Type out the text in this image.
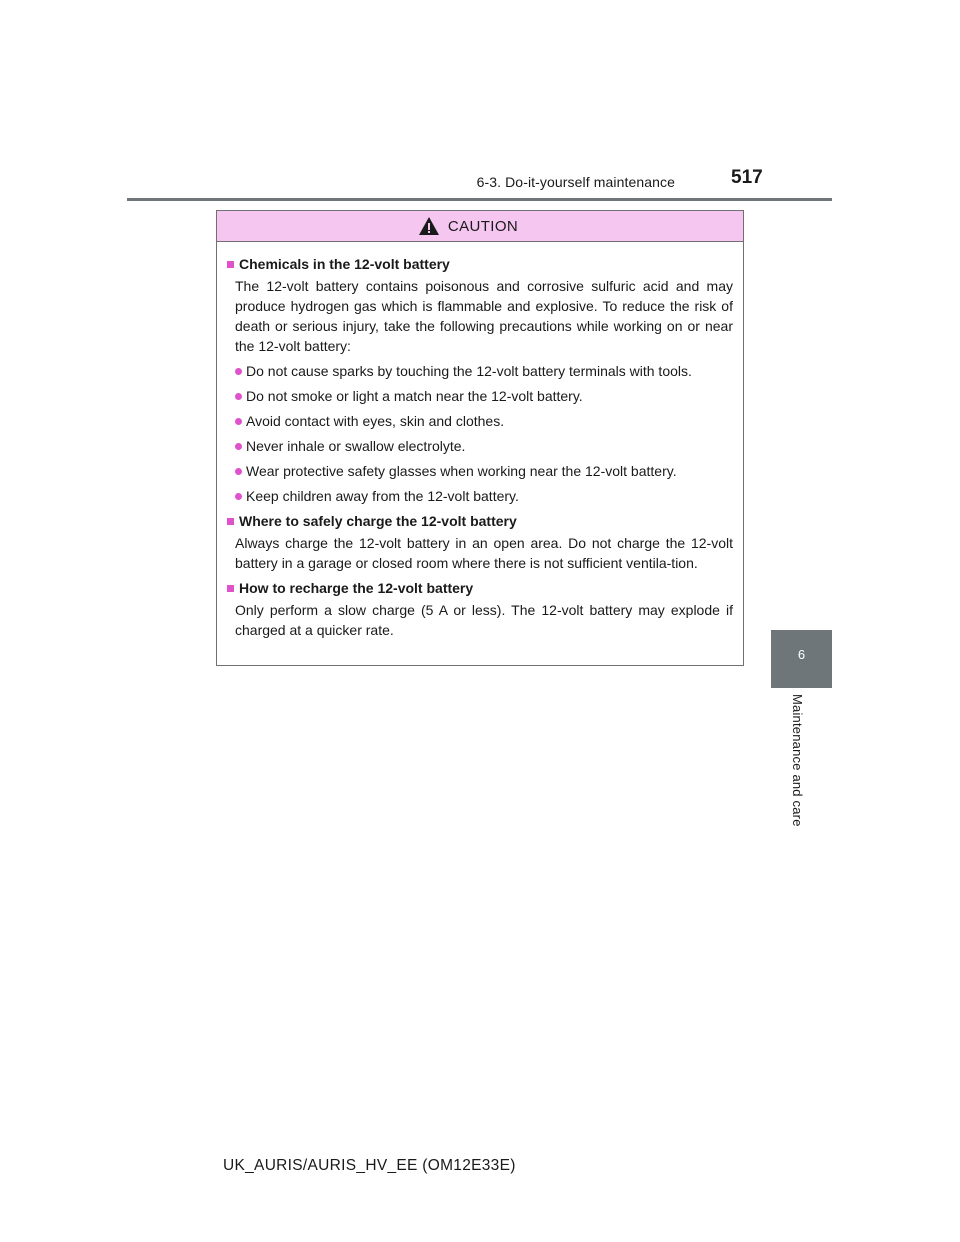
6-3. Do-it-yourself maintenance	517
6
Maintenance and care
CAUTION
Chemicals in the 12-volt battery
The 12-volt battery contains poisonous and corrosive sulfuric acid and may produce hydrogen gas which is flammable and explosive. To reduce the risk of death or serious injury, take the following precautions while working on or near the 12-volt battery:
Do not cause sparks by touching the 12-volt battery terminals with tools.
Do not smoke or light a match near the 12-volt battery.
Avoid contact with eyes, skin and clothes.
Never inhale or swallow electrolyte.
Wear protective safety glasses when working near the 12-volt battery.
Keep children away from the 12-volt battery.
Where to safely charge the 12-volt battery
Always charge the 12-volt battery in an open area. Do not charge the 12-volt battery in a garage or closed room where there is not sufficient ventila-tion.
How to recharge the 12-volt battery
Only perform a slow charge (5 A or less). The 12-volt battery may explode if charged at a quicker rate.
UK_AURIS/AURIS_HV_EE (OM12E33E)
